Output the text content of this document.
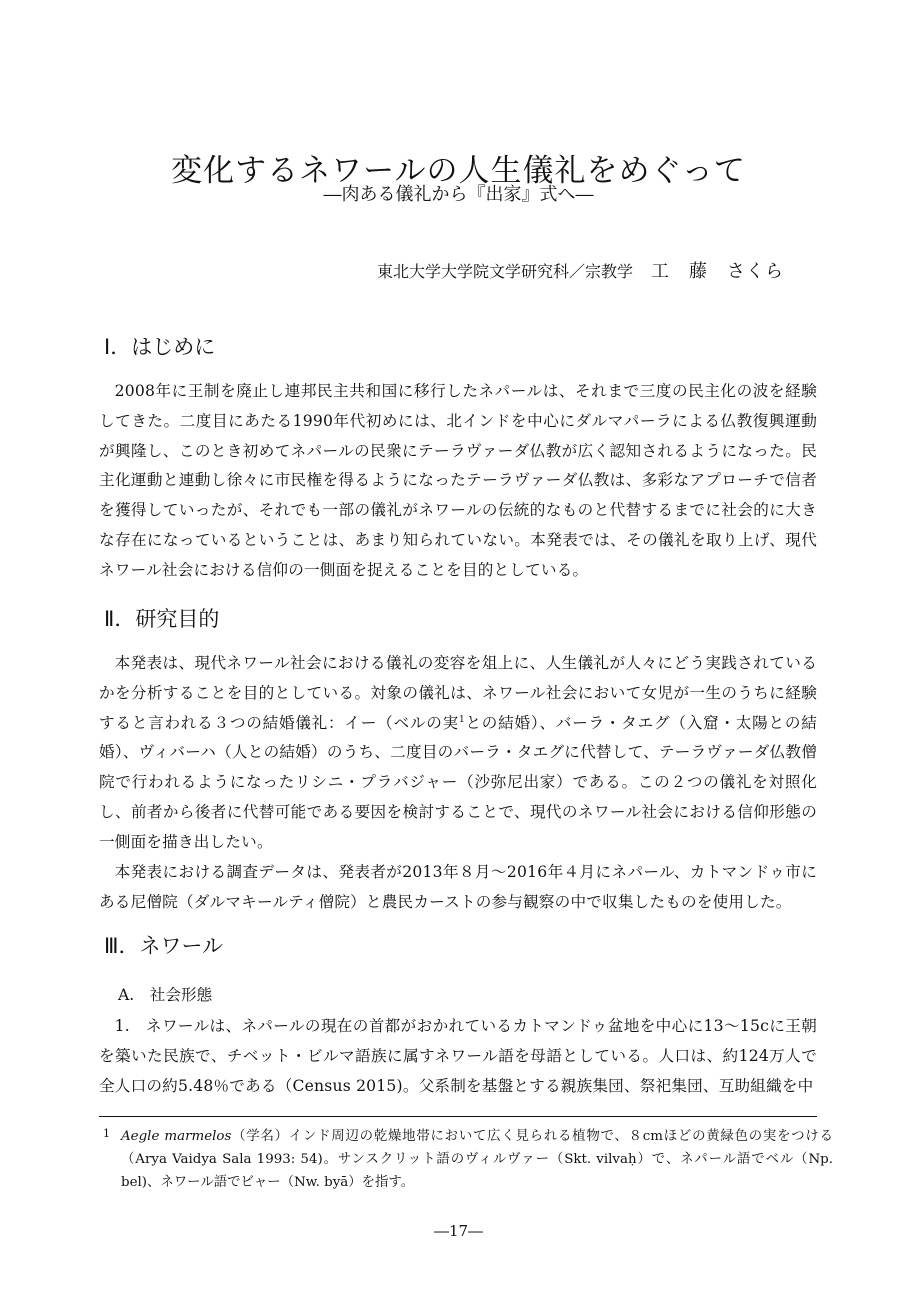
変化するネワールの人生儀礼をめぐって
―肉ある儀礼から『出家』式へ―
東北大学大学院文学研究科／宗教学 工　藤　さくら
Ⅰ．はじめに

2008年に王制を廃止し連邦民主共和国に移行したネパールは、それまで三度の民主化の波を経験してきた。二度目にあたる1990年代初めには、北インドを中心にダルマパーラによる仏教復興運動が興隆し、このとき初めてネパールの民衆にテーラヴァーダ仏教が広く認知されるようになった。民主化運動と連動し徐々に市民権を得るようになったテーラヴァーダ仏教は、多彩なアプローチで信者を獲得していったが、それでも一部の儀礼がネワールの伝統的なものと代替するまでに社会的に大きな存在になっているということは、あまり知られていない。本発表では、その儀礼を取り上げ、現代ネワール社会における信仰の一側面を捉えることを目的としている。

Ⅱ．研究目的

本発表は、現代ネワール社会における儀礼の変容を俎上に、人生儀礼が人々にどう実践されているかを分析することを目的としている。対象の儀礼は、ネワール社会において女児が一生のうちに経験すると言われる３つの結婚儀礼：イー（ベルの実$^1$との結婚）、バーラ・タエグ（入窟・太陽との結婚）、ヴィバーハ（人との結婚）のうち、二度目のバーラ・タエグに代替して、テーラヴァーダ仏教僧院で行われるようになったリシニ・プラバジャー（沙弥尼出家）である。この２つの儀礼を対照化し、前者から後者に代替可能である要因を検討することで、現代のネワール社会における信仰形態の一側面を描き出したい。

本発表における調査データは、発表者が2013年８月～2016年４月にネパール、カトマンドゥ市にある尼僧院（ダルマキールティ僧院）と農民カーストの参与観察の中で収集したものを使用した。

Ⅲ．ネワール
A.　社会形態

1.　ネワールは、ネパールの現在の首都がおかれているカトマンドゥ盆地を中心に13～15cに王朝を築いた民族で、チベット・ビルマ語族に属すネワール語を母語としている。人口は、約124万人で全人口の約5.48％である（Census 2015)。父系制を基盤とする親族集団、祭祀集団、互助組織を中

1 Aegle marmelos（学名）インド周辺の乾燥地帯において広く見られる植物で、８cmほどの黄緑色の実をつける（Arya Vaidya Sala 1993: 54)。サンスクリット語のヴィルヴァー（Skt. vilvaḥ）で、ネパール語でベル（Np. bel)、ネワール語でビャー（Nw. byā）を指す。

―17―
